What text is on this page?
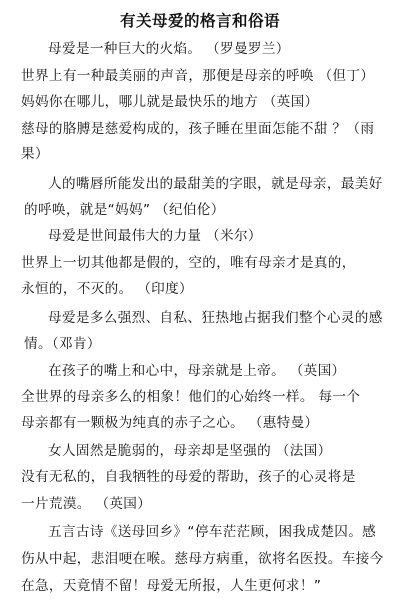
有关母爱的格言和俗语
母爱是一种巨大的火焰。 （罗曼罗兰）
世界上有一种最美丽的声音，那便是母亲的呼唤 （但丁）
妈妈你在哪儿，哪儿就是最快乐的地方 （英国）
慈母的胳膊是慈爱构成的，孩子睡在里面怎能不甜 ？（雨
果）
人的嘴唇所能发出的最甜美的字眼，就是母亲，最美好
的呼唤，就是“妈妈” （纪伯伦）
母爱是世间最伟大的力量 （米尔）
世界上一切其他都是假的，空的，唯有母亲才是真的，
永恒的，不灭的。 （印度）
母爱是多么强烈、自私、狂热地占据我们整个心灵的感
情。（邓肯）
在孩子的嘴上和心中，母亲就是上帝。 （英国）
全世界的母亲多么的相象！他们的心始终一样。 每一个
母亲都有一颗极为纯真的赤子之心。 （惠特曼）
女人固然是脆弱的，母亲却是坚强的 （法国）
没有无私的，自我牺牲的母爱的帮助，孩子的心灵将是
一片荒漠。 （英国）
五言古诗《送母回乡》“停车茫茫顾，困我成楚囚。感
伤从中起，悲泪哽在喉。慈母方病重，欲将名医投。车接今
在急，天竟情不留！母爱无所报，人生更何求！”
